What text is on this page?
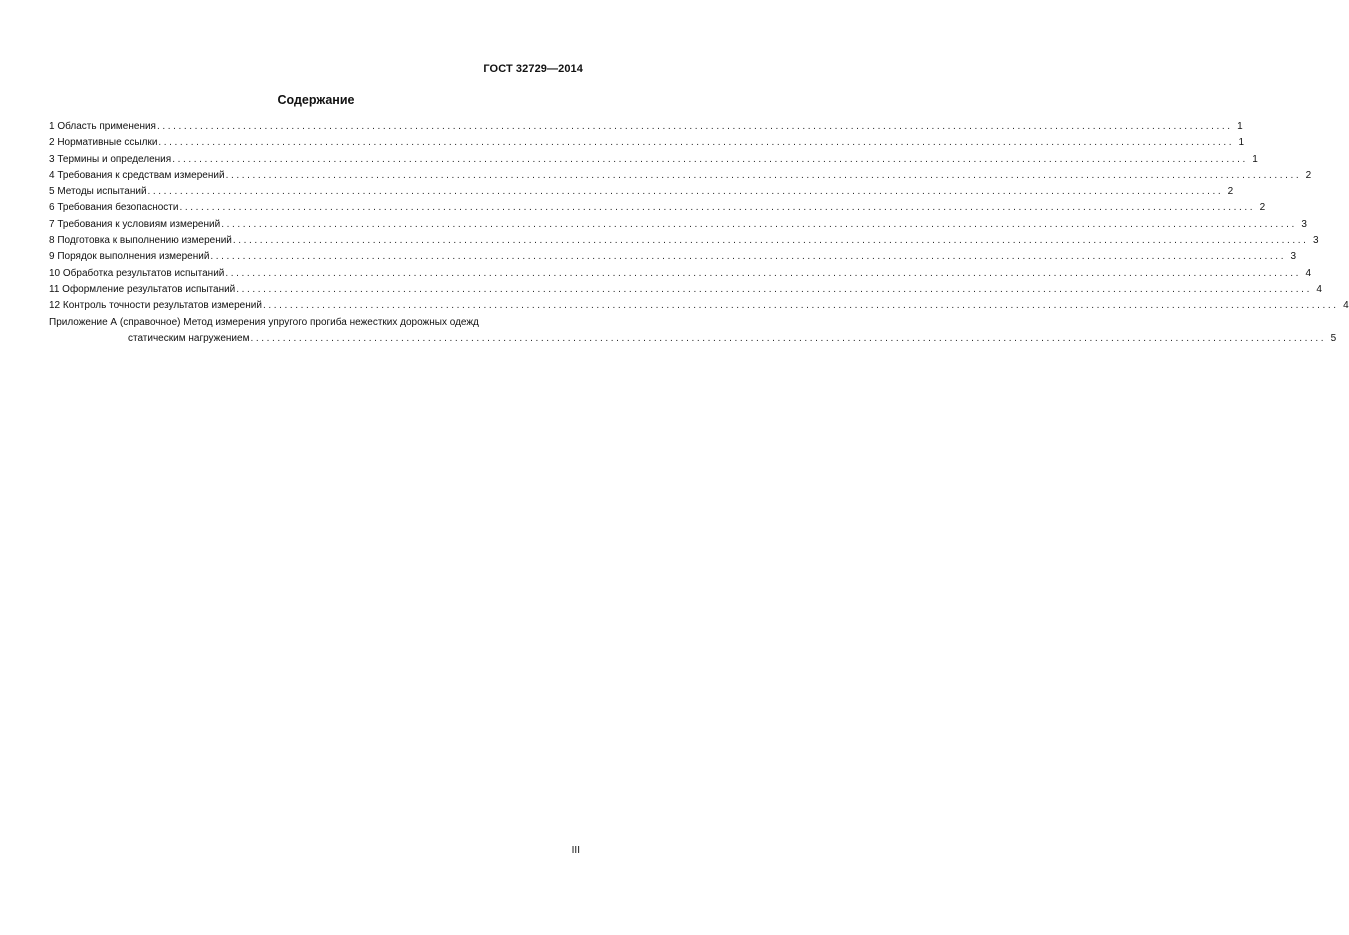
ГОСТ 32729—2014
Содержание
1 Область применения ........................................................................................................................................................................................................ 1
2 Нормативные ссылки ........................................................................................................................................................................................................ 1
3 Термины и определения ........................................................................................................................................................................................................ 1
4 Требования к средствам измерений ........................................................................................................................................................................................................ 2
5 Методы испытаний ........................................................................................................................................................................................................ 2
6 Требования безопасности ........................................................................................................................................................................................................ 2
7 Требования к условиям измерений ........................................................................................................................................................................................................ 3
8 Подготовка к выполнению измерений ........................................................................................................................................................................................................ 3
9 Порядок выполнения измерений ........................................................................................................................................................................................................ 3
10 Обработка результатов испытаний ........................................................................................................................................................................................................ 4
11 Оформление результатов испытаний ........................................................................................................................................................................................................ 4
12 Контроль точности результатов измерений ........................................................................................................................................................................................................ 4
Приложение А (справочное) Метод измерения упругого прогиба нежестких дорожных одежд
статическим нагружением ........................................................................................................................................................................................................ 5
III
